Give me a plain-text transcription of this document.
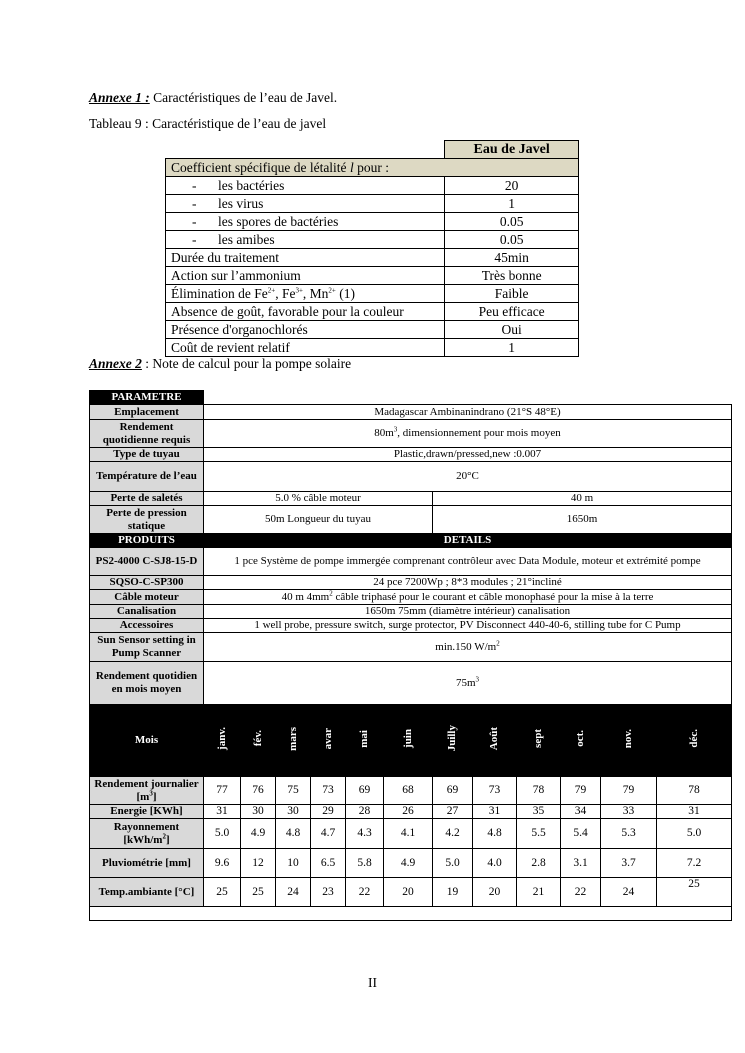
Annexe 1 : Caractéristiques de l’eau de Javel.
Tableau 9 : Caractéristique de l’eau de javel
	Eau de Javel
Coefficient spécifique de létalité l pour :	
- les bactéries	20
- les virus	1
- les spores de bactéries	0.05
- les amibes	0.05
Durée du traitement	45min
Action sur l’ammonium	Très bonne
Élimination de $Fe^{2+}$, $Fe^{3+}$, $Mn^{2+}$ (1)	Faible
Absence de goût, favorable pour la couleur	Peu efficace
Présence d'organochlorés	Oui
Coût de revient relatif	1
Annexe 2 : Note de calcul pour la pompe solaire
PARAMETRE												
Emplacement	Madagascar Ambinanindrano (21°S 48°E)											
Rendement quotidienne requis	$80m^3$, dimensionnement pour mois moyen											
Type de tuyau	Plastic,drawn/pressed,new :0.007											
Température de l’eau	20°C											
Perte de saletés	5.0 % câble moteur						40 m					
Perte de pression statique	50m Longueur du tuyau						1650m					
PRODUITS	DETAILS											
PS2-4000 C-SJ8-15-D	1 pce Système de pompe immergée comprenant contrôleur avec Data Module, moteur et extrémité pompe											
SQSO-C-SP300	24 pce 7200Wp ; 8*3 modules ; 21°incliné											
Câble moteur	40 m $4mm^2$ câble triphasé pour le courant et câble monophasé pour la mise à la terre											
Canalisation	1650m 75mm (diamètre intérieur) canalisation											
Accessoires	1 well probe, pressure switch, surge protector, PV Disconnect 440-40-6, stilling tube for C Pump											
Sun Sensor setting in Pump Scanner	min.150 $W/m^2$
Rendement quotidien en mois moyen	$75m^3$
Mois	janv.	fév.	mars	avar	mai	juin	Juilly	Août	sept	oct.	nov.	déc.
Rendement journalier $[m^3]$	77	76	75	73	69	68	69	73	78	79	79	78
Energie [KWh]	31	30	30	29	28	26	27	31	35	34	33	31
Rayonnement $[kWh/m^2]$	5.0	4.9	4.8	4.7	4.3	4.1	4.2	4.8	5.5	5.4	5.3	5.0
Pluviométrie [mm]	9.6	12	10	6.5	5.8	4.9	5.0	4.0	2.8	3.1	3.7	7.2
Temp.ambiante [°C]	25	25	24	23	22	20	19	20	21	22	24	25

II
